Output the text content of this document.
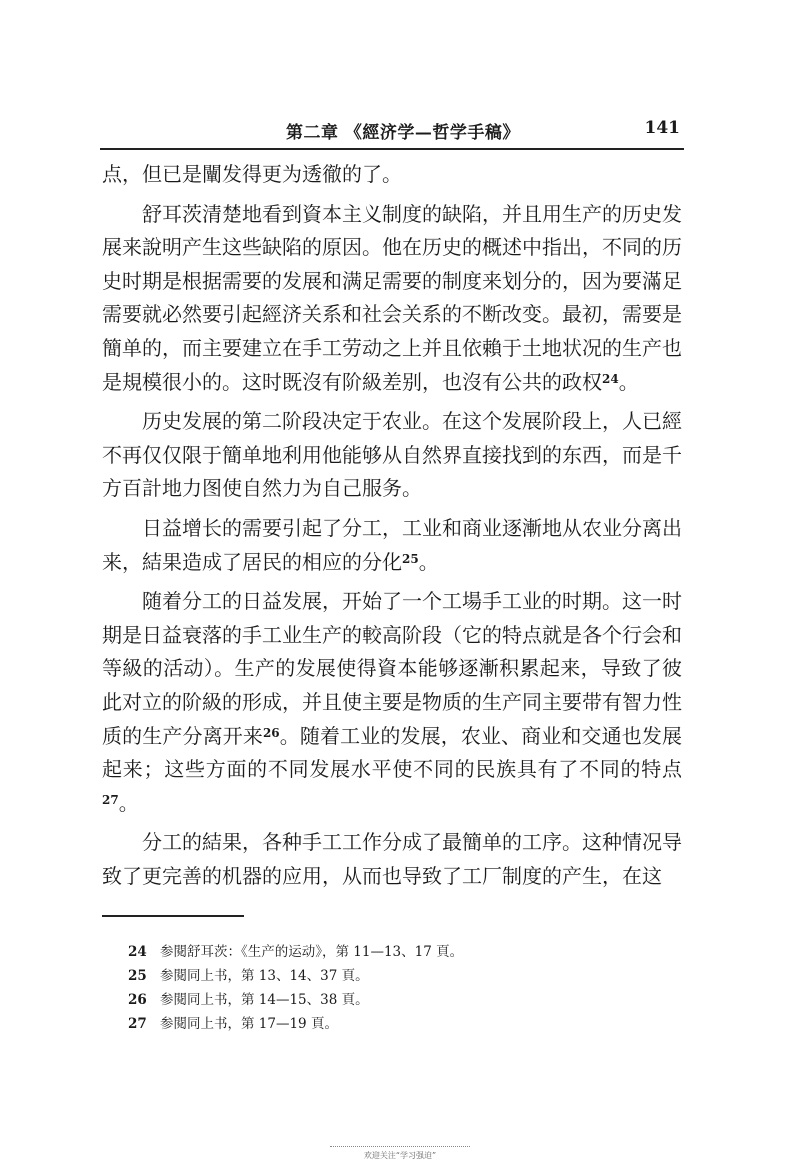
第二章 《經济学—哲学手稿》	141

点，但已是闡发得更为透徹的了。

舒耳茨清楚地看到資本主义制度的缺陷，并且用生产的历史发展来說明产生这些缺陷的原因。他在历史的概述中指出，不同的历史时期是根据需要的发展和满足需要的制度来划分的，因为要滿足需要就必然要引起經济关系和社会关系的不断改变。最初，需要是簡单的，而主要建立在手工劳动之上并且依賴于土地状况的生产也是規模很小的。这时既沒有阶級差别，也沒有公共的政权$^{24}$。

历史发展的第二阶段决定于农业。在这个发展阶段上，人已經不再仅仅限于簡单地利用他能够从自然界直接找到的东西，而是千方百計地力图使自然力为自己服务。

日益增长的需要引起了分工，工业和商业逐漸地从农业分离出来，結果造成了居民的相应的分化$^{25}$。

随着分工的日益发展，开始了一个工場手工业的时期。这一时期是日益衰落的手工业生产的較高阶段（它的特点就是各个行会和等級的活动）。生产的发展使得資本能够逐漸积累起来，导致了彼此对立的阶級的形成，并且使主要是物质的生产同主要带有智力性质的生产分离开来$^{26}$。随着工业的发展，农业、商业和交通也发展起来；这些方面的不同发展水平使不同的民族具有了不同的特点$^{27}$。

分工的結果，各种手工工作分成了最簡单的工序。这种情况导致了更完善的机器的应用，从而也导致了工厂制度的产生，在这

24 参閱舒耳茨：《生产的运动》，第 11—13、17 頁。
25 参閱同上书，第 13、14、37 頁。
26 参閱同上书，第 14—15、38 頁。
27 参閱同上书，第 17—19 頁。
欢迎关注“学习强迫”
